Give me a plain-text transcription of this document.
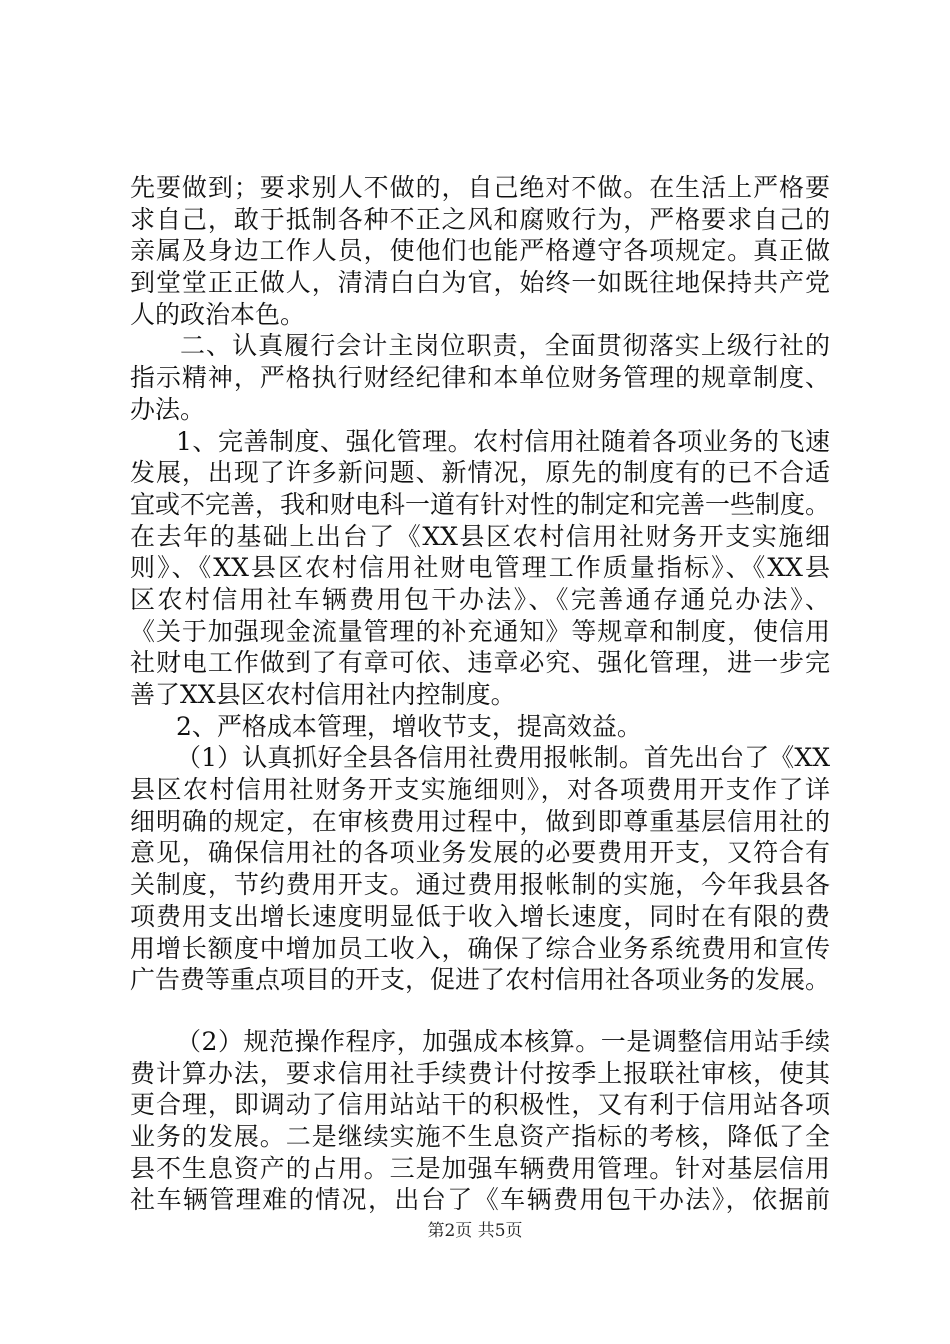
先要做到；要求别人不做的，自己绝对不做。在生活上严格要
求自己，敢于抵制各种不正之风和腐败行为，严格要求自己的
亲属及身边工作人员，使他们也能严格遵守各项规定。真正做
到堂堂正正做人，清清白白为官，始终一如既往地保持共产党
人的政治本色。
二、认真履行会计主岗位职责，全面贯彻落实上级行社的
指示精神，严格执行财经纪律和本单位财务管理的规章制度、
办法。
1、完善制度、强化管理。农村信用社随着各项业务的飞速
发展，出现了许多新问题、新情况，原先的制度有的已不合适
宜或不完善，我和财电科一道有针对性的制定和完善一些制度。
在去年的基础上出台了《XX县区农村信用社财务开支实施细
则》、《XX县区农村信用社财电管理工作质量指标》、《XX县
区农村信用社车辆费用包干办法》、《完善通存通兑办法》、
《关于加强现金流量管理的补充通知》等规章和制度，使信用
社财电工作做到了有章可依、违章必究、强化管理，进一步完
善了XX县区农村信用社内控制度。
2、严格成本管理，增收节支，提高效益。
（1）认真抓好全县各信用社费用报帐制。首先出台了《XX
县区农村信用社财务开支实施细则》，对各项费用开支作了详
细明确的规定，在审核费用过程中，做到即尊重基层信用社的
意见，确保信用社的各项业务发展的必要费用开支，又符合有
关制度，节约费用开支。通过费用报帐制的实施，今年我县各
项费用支出增长速度明显低于收入增长速度，同时在有限的费
用增长额度中增加员工收入，确保了综合业务系统费用和宣传
广告费等重点项目的开支，促进了农村信用社各项业务的发展。
（2）规范操作程序，加强成本核算。一是调整信用站手续
费计算办法，要求信用社手续费计付按季上报联社审核，使其
更合理，即调动了信用站站干的积极性，又有利于信用站各项
业务的发展。二是继续实施不生息资产指标的考核，降低了全
县不生息资产的占用。三是加强车辆费用管理。针对基层信用
社车辆管理难的情况，出台了《车辆费用包干办法》，依据前
第2页 共5页
